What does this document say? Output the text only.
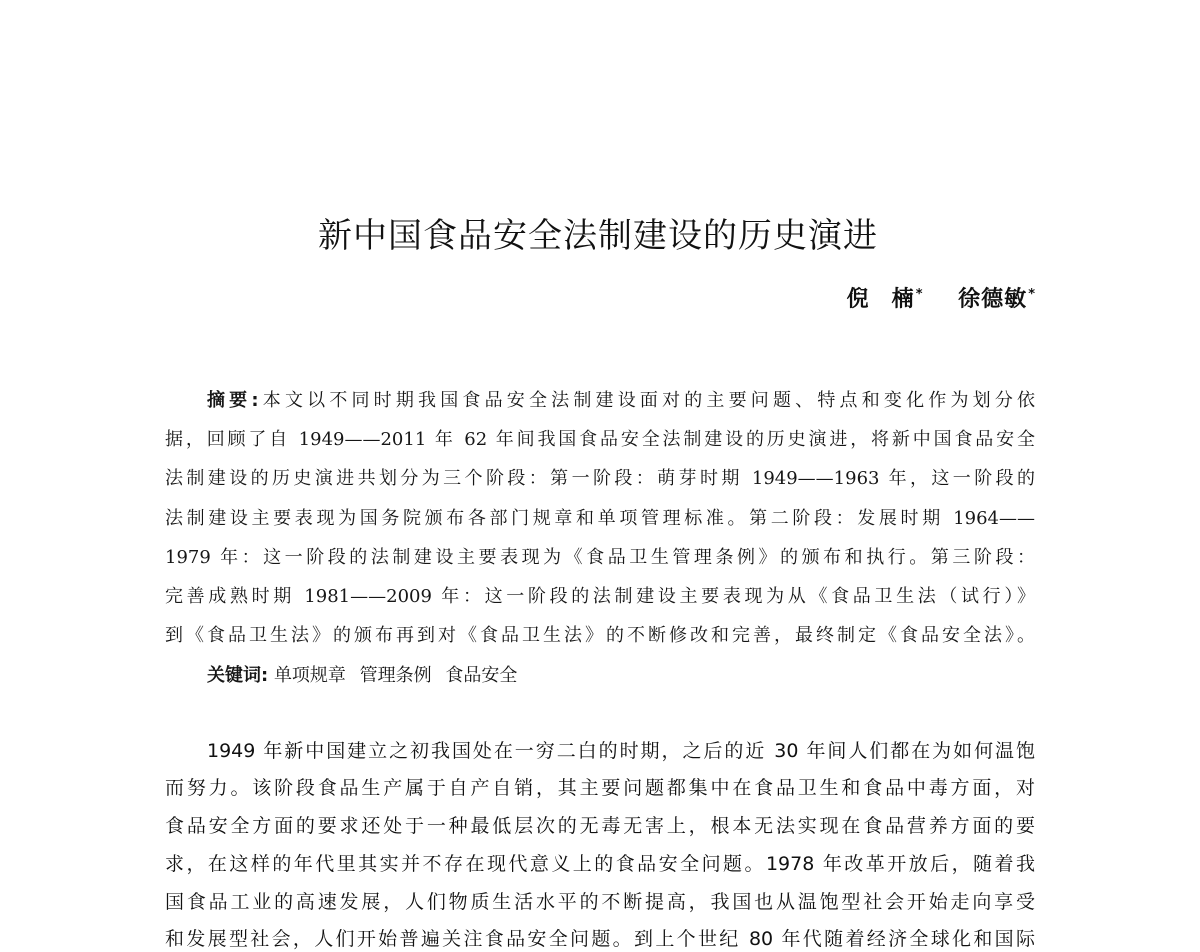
新中国食品安全法制建设的历史演进
倪 楠* 徐德敏*
摘要:本文以不同时期我国食品安全法制建设面对的主要问题、特点和变化作为划分依
据，回顾了自 1949——2011 年 62 年间我国食品安全法制建设的历史演进，将新中国食品安全
法制建设的历史演进共划分为三个阶段：第一阶段：萌芽时期 1949——1963 年，这一阶段的
法制建设主要表现为国务院颁布各部门规章和单项管理标准。第二阶段：发展时期 1964——
1979 年：这一阶段的法制建设主要表现为《食品卫生管理条例》的颁布和执行。第三阶段：
完善成熟时期 1981——2009 年：这一阶段的法制建设主要表现为从《食品卫生法（试行）》
到《食品卫生法》的颁布再到对《食品卫生法》的不断修改和完善，最终制定《食品安全法》。
关键词: 单项规章 管理条例 食品安全
1949 年新中国建立之初我国处在一穷二白的时期，之后的近 30 年间人们都在为如何温饱
而努力。该阶段食品生产属于自产自销，其主要问题都集中在食品卫生和食品中毒方面，对
食品安全方面的要求还处于一种最低层次的无毒无害上，根本无法实现在食品营养方面的要
求，在这样的年代里其实并不存在现代意义上的食品安全问题。1978 年改革开放后，随着我
国食品工业的高速发展，人们物质生活水平的不断提高，我国也从温饱型社会开始走向享受
和发展型社会，人们开始普遍关注食品安全问题。到上个世纪 80 年代随着经济全球化和国际
